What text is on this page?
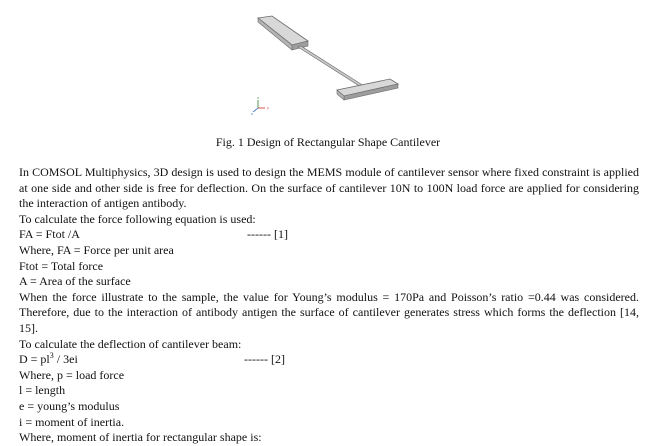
z
y
x
Fig. 1 Design of Rectangular Shape Cantilever

In COMSOL Multiphysics, 3D design is used to design the MEMS module of cantilever sensor where fixed constraint is applied at one side and other side is free for deflection. On the surface of cantilever 10N to 100N load force are applied for considering the interaction of antigen antibody.

To calculate the force following equation is used:

FA = Ftot /A	------ [1]

Where, FA = Force per unit area

Ftot = Total force

A = Area of the surface

When the force illustrate to the sample, the value for Young’s modulus = 170Pa and Poisson’s ratio =0.44 was considered. Therefore, due to the interaction of antibody antigen the surface of cantilever generates stress which forms the deflection [14, 15].

To calculate the deflection of cantilever beam:

$D = pl^3 / 3ei$	------ [2]

Where, p = load force

l = length

e = young’s modulus

i = moment of inertia.

Where, moment of inertia for rectangular shape is:
